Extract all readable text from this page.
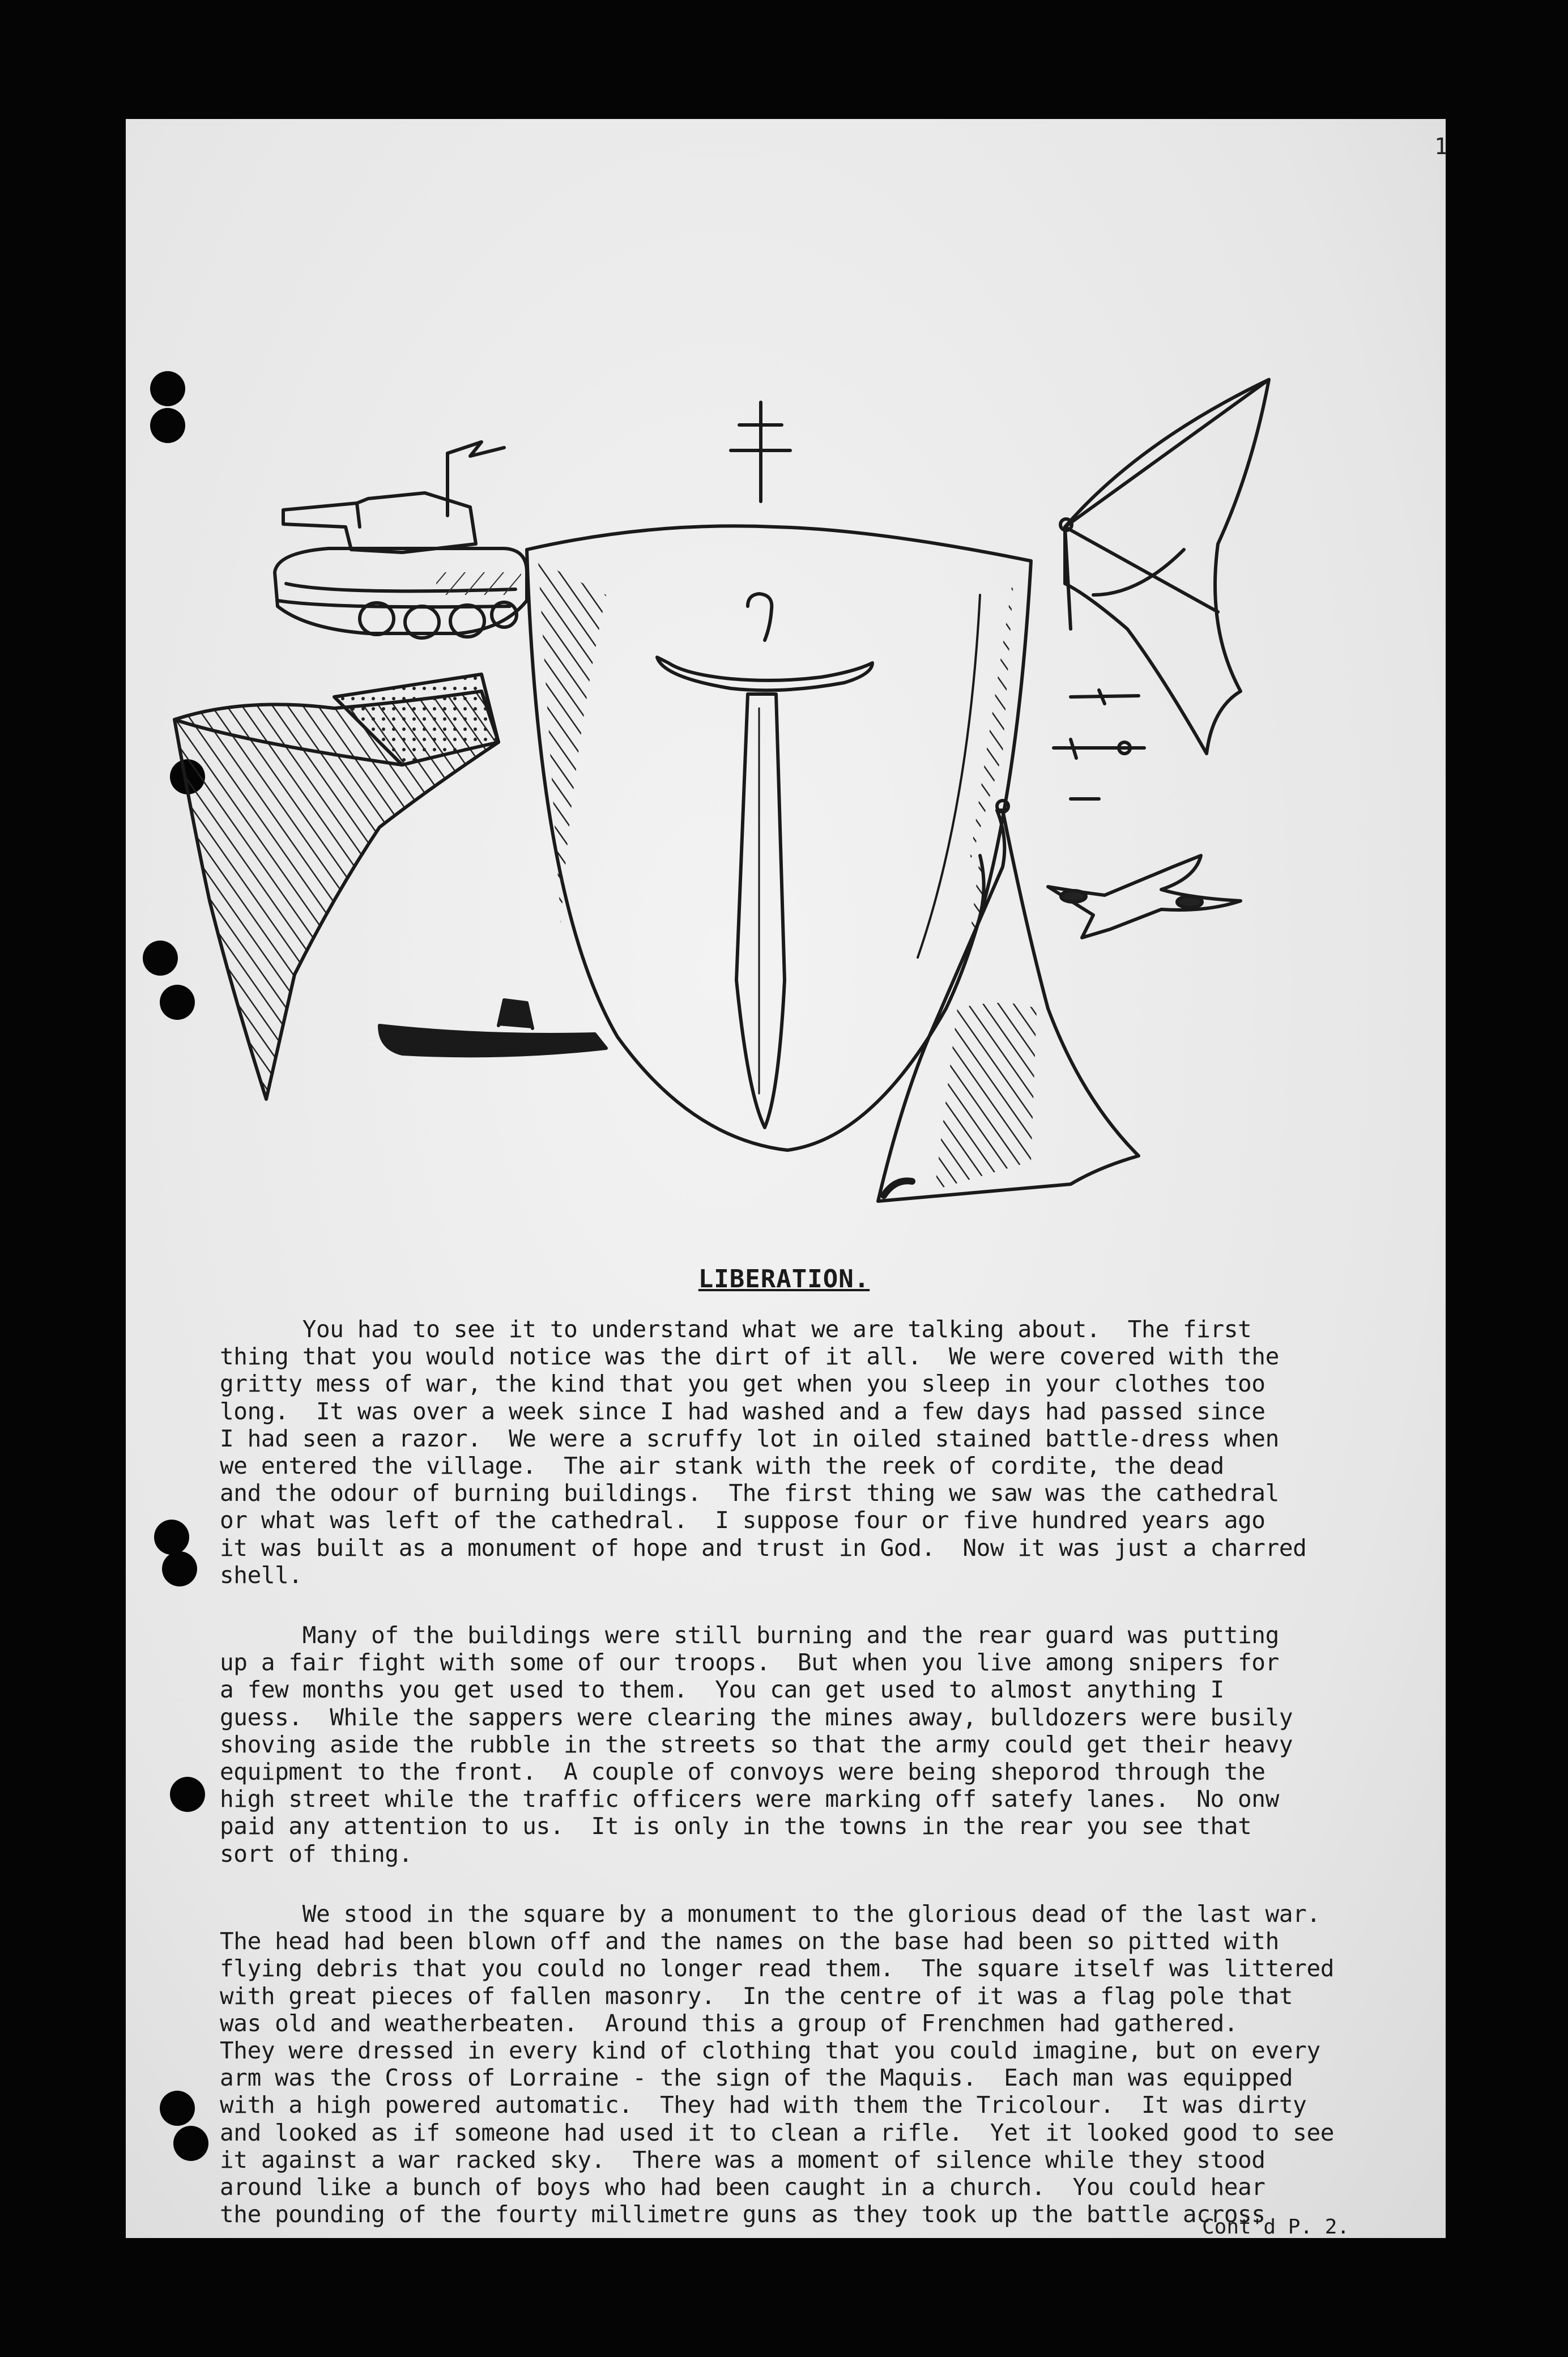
1
LIBERATION.
You had to see it to understand what we are talking about.  The first
thing that you would notice was the dirt of it all.  We were covered with the
gritty mess of war, the kind that you get when you sleep in your clothes too
long.  It was over a week since I had washed and a few days had passed since
I had seen a razor.  We were a scruffy lot in oiled stained battle-dress when
we entered the village.  The air stank with the reek of cordite, the dead
and the odour of burning buildings.  The first thing we saw was the cathedral
or what was left of the cathedral.  I suppose four or five hundred years ago
it was built as a monument of hope and trust in God.  Now it was just a charred
shell.
Many of the buildings were still burning and the rear guard was putting
up a fair fight with some of our troops.  But when you live among snipers for
a few months you get used to them.  You can get used to almost anything I
guess.  While the sappers were clearing the mines away, bulldozers were busily
shoving aside the rubble in the streets so that the army could get their heavy
equipment to the front.  A couple of convoys were being sheporod through the
high street while the traffic officers were marking off satefy lanes.  No onw
paid any attention to us.  It is only in the towns in the rear you see that
sort of thing.
We stood in the square by a monument to the glorious dead of the last war.
The head had been blown off and the names on the base had been so pitted with
flying debris that you could no longer read them.  The square itself was littered
with great pieces of fallen masonry.  In the centre of it was a flag pole that
was old and weatherbeaten.  Around this a group of Frenchmen had gathered.
They were dressed in every kind of clothing that you could imagine, but on every
arm was the Cross of Lorraine - the sign of the Maquis.  Each man was equipped
with a high powered automatic.  They had with them the Tricolour.  It was dirty
and looked as if someone had used it to clean a rifle.  Yet it looked good to see
it against a war racked sky.  There was a moment of silence while they stood
around like a bunch of boys who had been caught in a church.  You could hear
the pounding of the fourty millimetre guns as they took up the battle across
Cont'd P. 2.
